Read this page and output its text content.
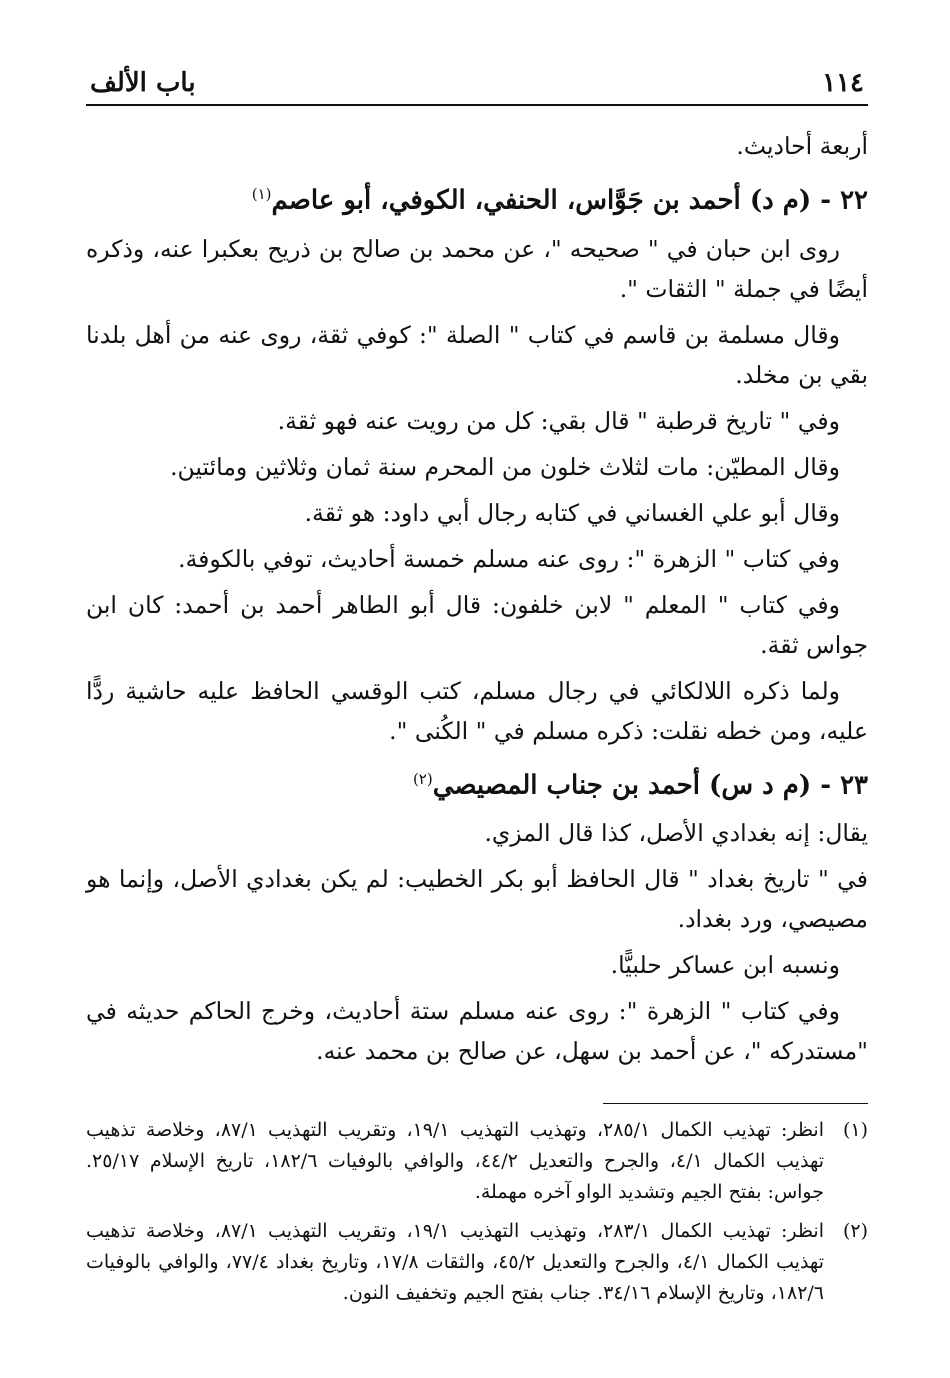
١١٤
باب الألف

أربعة أحاديث.

٢٢ - (م د) أحمد بن جَوَّاس، الحنفي، الكوفي، أبو عاصم$^{(١)}$

روى ابن حبان في " صحيحه "، عن محمد بن صالح بن ذريح بعكبرا عنه، وذكره أيضًا في جملة " الثقات ".

وقال مسلمة بن قاسم في كتاب " الصلة ": كوفي ثقة، روى عنه من أهل بلدنا بقي بن مخلد.

وفي " تاريخ قرطبة " قال بقي: كل من رويت عنه فهو ثقة.

وقال المطيّن: مات لثلاث خلون من المحرم سنة ثمان وثلاثين ومائتين.

وقال أبو علي الغساني في كتابه رجال أبي داود: هو ثقة.

وفي كتاب " الزهرة ": روى عنه مسلم خمسة أحاديث، توفي بالكوفة.

وفي كتاب " المعلم " لابن خلفون: قال أبو الطاهر أحمد بن أحمد: كان ابن جواس ثقة.

ولما ذكره اللالكائي في رجال مسلم، كتب الوقسي الحافظ عليه حاشية ردًّا عليه، ومن خطه نقلت: ذكره مسلم في " الكُنى ".

٢٣ - (م د س) أحمد بن جناب المصيصي$^{(٢)}$

يقال: إنه بغدادي الأصل، كذا قال المزي.

في " تاريخ بغداد " قال الحافظ أبو بكر الخطيب: لم يكن بغدادي الأصل، وإنما هو مصيصي، ورد بغداد.

ونسبه ابن عساكر حلبيًّا.

وفي كتاب " الزهرة ": روى عنه مسلم ستة أحاديث، وخرج الحاكم حديثه في "مستدركه "، عن أحمد بن سهل، عن صالح بن محمد عنه.

(١)
انظر: تهذيب الكمال ٢٨٥/١، وتهذيب التهذيب ١٩/١، وتقريب التهذيب ٨٧/١، وخلاصة تذهيب تهذيب الكمال ٤/١، والجرح والتعديل ٤٤/٢، والوافي بالوفيات ١٨٢/٦، تاريخ الإسلام ٢٥/١٧. جواس: بفتح الجيم وتشديد الواو آخره مهملة.
(٢)
انظر: تهذيب الكمال ٢٨٣/١، وتهذيب التهذيب ١٩/١، وتقريب التهذيب ٨٧/١، وخلاصة تذهيب تهذيب الكمال ٤/١، والجرح والتعديل ٤٥/٢، والثقات ١٧/٨، وتاريخ بغداد ٧٧/٤، والوافي بالوفيات ١٨٢/٦، وتاريخ الإسلام ٣٤/١٦. جناب بفتح الجيم وتخفيف النون.
